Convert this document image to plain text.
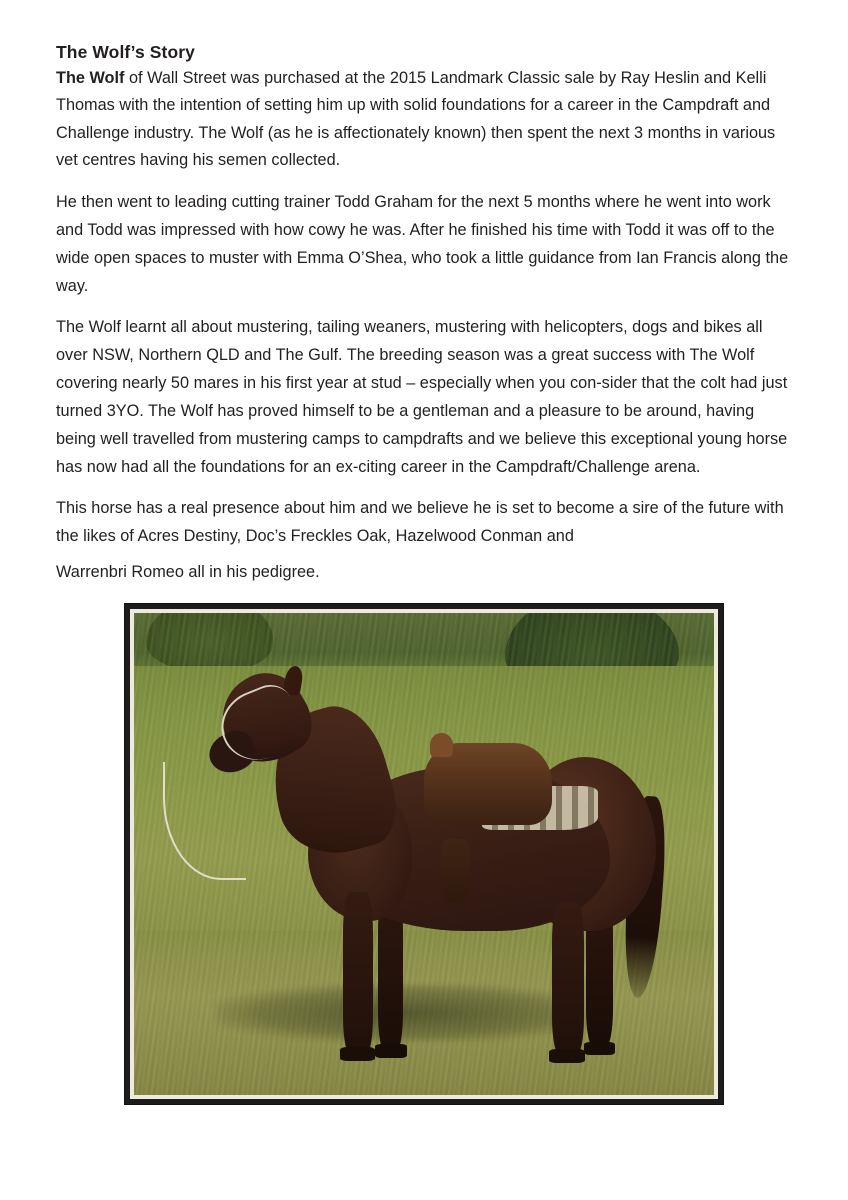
The Wolf’s Story

The Wolf of Wall Street was purchased at the 2015 Landmark Classic sale by Ray Heslin and Kelli Thomas with the intention of setting him up with solid foundations for a career in the Campdraft and Challenge industry. The Wolf (as he is affectionately known) then spent the next 3 months in various vet centres having his semen collected.

He then went to leading cutting trainer Todd Graham for the next 5 months where he went into work and Todd was impressed with how cowy he was. After he finished his time with Todd it was off to the wide open spaces to muster with Emma O’Shea, who took a little guidance from Ian Francis along the way.

The Wolf learnt all about mustering, tailing weaners, mustering with helicopters, dogs and bikes all over NSW, Northern QLD and The Gulf. The breeding season was a great success with The Wolf covering nearly 50 mares in his first year at stud – especially when you con-sider that the colt had just turned 3YO. The Wolf has proved himself to be a gentleman and a pleasure to be around, having being well travelled from mustering camps to campdrafts and we believe this exceptional young horse has now had all the foundations for an ex-citing career in the Campdraft/Challenge arena.

This horse has a real presence about him and we believe he is set to become a sire of the future with the likes of Acres Destiny, Doc’s Freckles Oak, Hazelwood Conman and

Warrenbri Romeo all in his pedigree.
